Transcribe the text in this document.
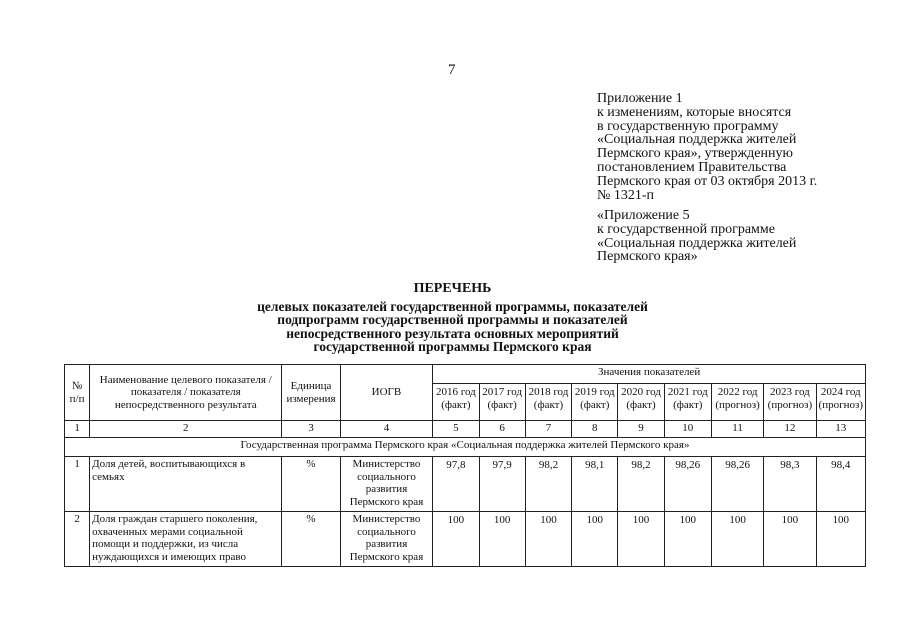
7
Приложение 1
к изменениям, которые вносятся
в государственную программу
«Социальная поддержка жителей
Пермского края», утвержденную
постановлением Правительства
Пермского края от 03 октября 2013 г.
№ 1321-п
«Приложение 5
к государственной программе
«Социальная поддержка жителей
Пермского края»
ПЕРЕЧЕНЬ
целевых показателей государственной программы, показателей
подпрограмм государственной программы и показателей
непосредственного результата основных мероприятий
государственной программы Пермского края
№ п/п	Наименование целевого показателя / показателя / показателя непосредственного результата	Единица измерения	ИОГВ	Значения показателей								
				2016 год (факт)	2017 год (факт)	2018 год (факт)	2019 год (факт)	2020 год (факт)	2021 год (факт)	2022 год (прогноз)	2023 год (прогноз)	2024 год (прогноз)
1	2	3	4	5	6	7	8	9	10	11	12	13
Государственная программа Пермского края «Социальная поддержка жителей Пермского края»												
1	Доля детей, воспитывающихся в семьях	%	Министерство социального развития Пермского края	97,8	97,9	98,2	98,1	98,2	98,26	98,26	98,3	98,4
2	Доля граждан старшего поколения, охваченных мерами социальной помощи и поддержки, из числа нуждающихся и имеющих право	%	Министерство социального развития Пермского края	100	100	100	100	100	100	100	100	100
